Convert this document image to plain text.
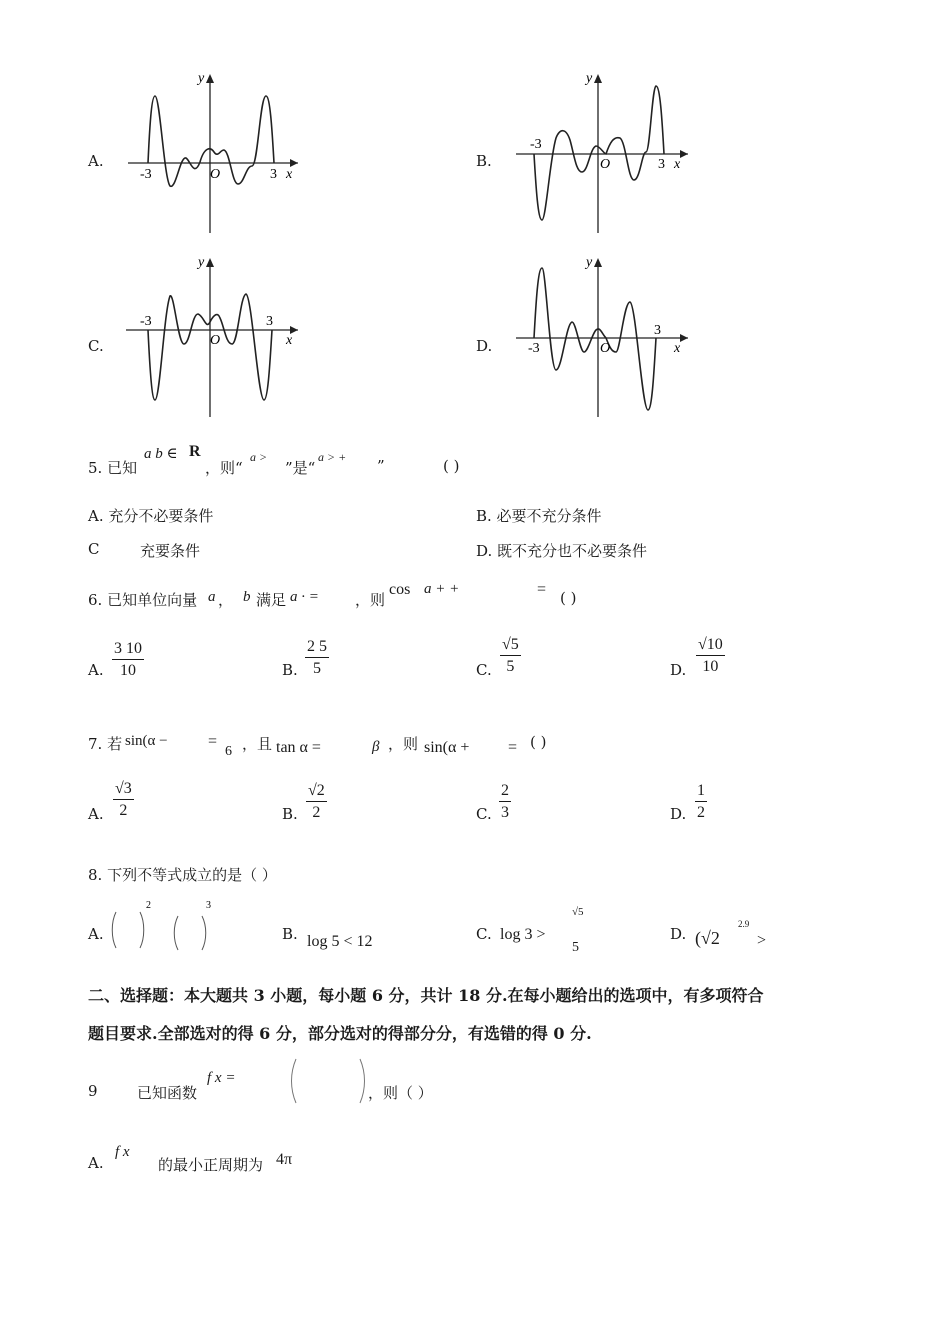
A.
-3	3
O	x
y
B.
-3
3
O	x
y
C.
-3	3
O	x
y
D.	-3
3
O	x
y
5. 已知
a b ∈ R
，则“
a >
”是“
a > + ”	( )
A. 充分不必要条件	B. 必要不充分条件
C	充要条件	D. 既不充分也不必要条件
6. 已知单位向量 a ， b 满足 a · = ，则
cos a + +	= ( )
A. $\frac{3 10}{10}$	B. $\frac{2 5}{5}$	C. $\frac{√5}{5}$	D. $\frac{√10}{10}$
7. 若 sin(α −	=
6 ，且 tan α =	β ，则 sin(α + = ( )
A. $\frac{√3}{2}$	B. $\frac{√2}{2}$	C. $\frac{2}{3}$	D. $\frac{1}{2}$
8. 下列不等式成立的是（ ）
A.
2	3
B. log 5 < 12	C. log 3 >
√5
5
D. (√2
2.9
>
二、选择题：本大题共 3 小题，每小题 6 分，共计 18 分.在每小题给出的选项中，有多项符合
题目要求.全部选对的得 6 分，部分选对的得部分分，有选错的得 0 分.
9	已知函数
f x =
，则（ ）
A.
f x
的最小正周期为 4π
